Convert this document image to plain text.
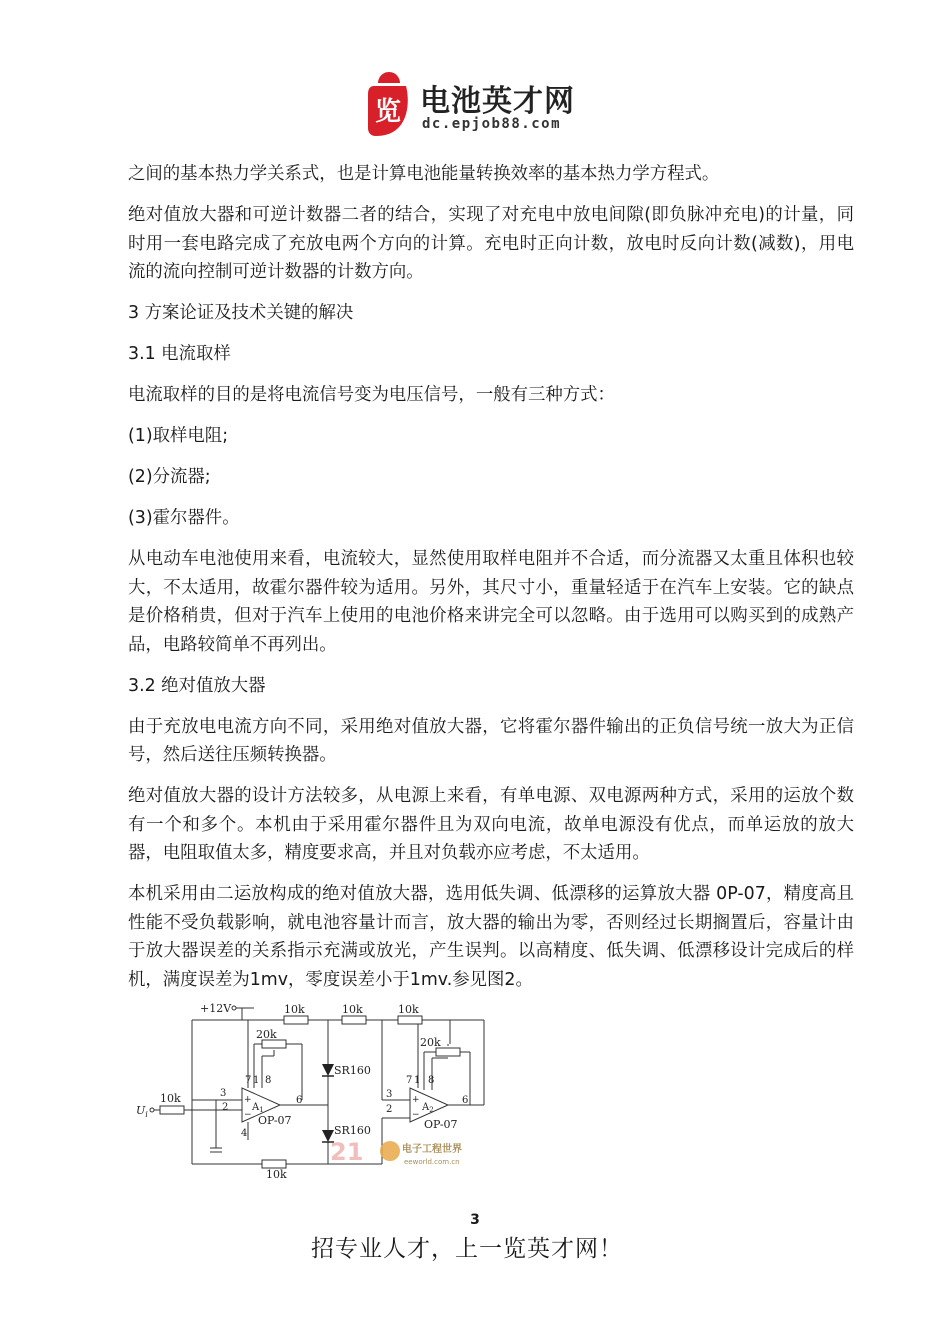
览 电池英才网
dc.epjob88.com

之间的基本热力学关系式，也是计算电池能量转换效率的基本热力学方程式。

绝对值放大器和可逆计数器二者的结合，实现了对充电中放电间隙(即负脉冲充电)的计量，同时用一套电路完成了充放电两个方向的计算。充电时正向计数，放电时反向计数(减数)，用电流的流向控制可逆计数器的计数方向。

3 方案论证及技术关键的解决

3.1 电流取样

电流取样的目的是将电流信号变为电压信号，一般有三种方式：

(1)取样电阻;

(2)分流器;

(3)霍尔器件。

从电动车电池使用来看，电流较大，显然使用取样电阻并不合适，而分流器又太重且体积也较大，不太适用，故霍尔器件较为适用。另外，其尺寸小，重量轻适于在汽车上安装。它的缺点是价格稍贵，但对于汽车上使用的电池价格来讲完全可以忽略。由于选用可以购买到的成熟产品，电路较简单不再列出。

3.2 绝对值放大器

由于充放电电流方向不同，采用绝对值放大器，它将霍尔器件输出的正负信号统一放大为正信号，然后送往压频转换器。

绝对值放大器的设计方法较多，从电源上来看，有单电源、双电源两种方式，采用的运放个数有一个和多个。本机由于采用霍尔器件且为双向电流，故单电源没有优点，而单运放的放大器，电阻取值太多，精度要求高，并且对负载亦应考虑，不太适用。

本机采用由二运放构成的绝对值放大器，选用低失调、低漂移的运算放大器 0P-07，精度高且性能不受负载影响，就电池容量计而言，放大器的输出为零，否则经过长期搁置后，容量计由于放大器误差的关系指示充满或放光，产生误判。以高精度、低失调、低漂移设计完成后的样机，满度误差为1mv，零度误差小于1mv.参见图2。

+12V
$U_i$
10k
10k	10k	10k
10k
20k
20k
SR160
SR160
$A_1$	$A_2$
OP-07	OP-07
7 1 8
3
2
4
6
7 1 8
3
2
6
+
−
+
−
21	电子工程世界
eeworld.com.cn
3
招专业人才，上一览英才网！
